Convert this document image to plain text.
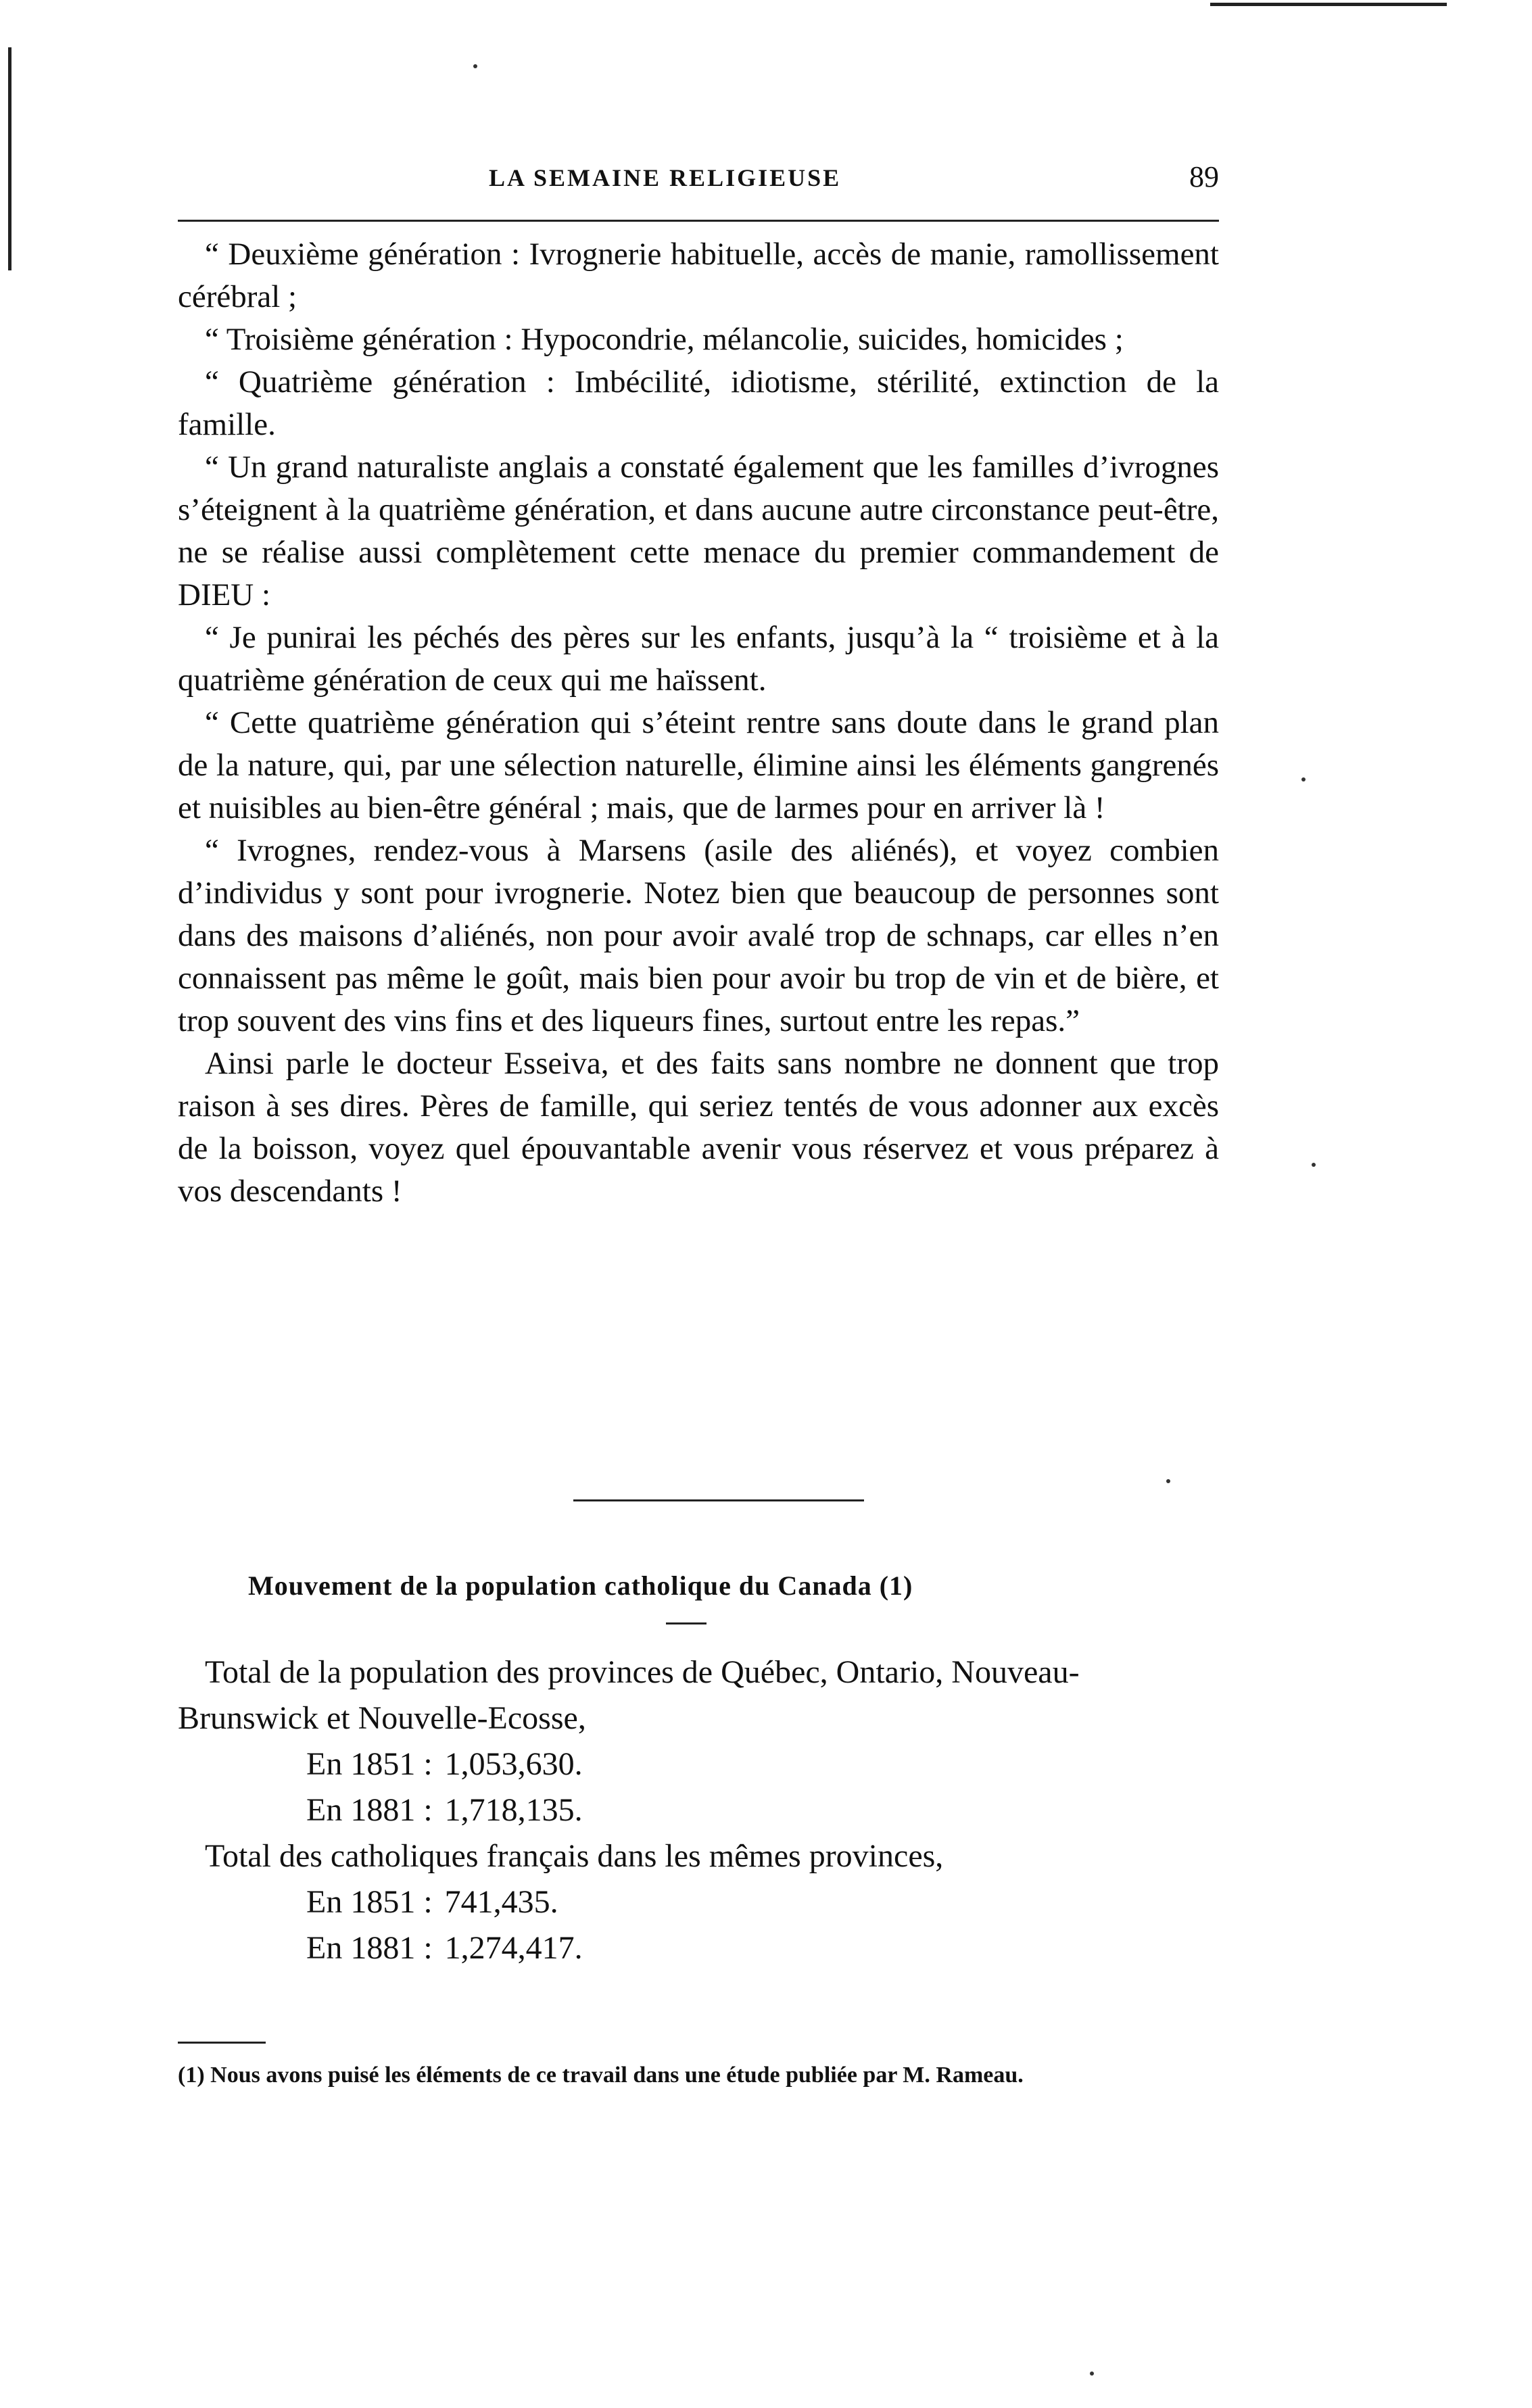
LA SEMAINE RELIGIEUSE	89

“ Deuxième génération : Ivrognerie habituelle, accès de manie, ramollissement cérébral ;

“ Troisième génération : Hypocondrie, mélancolie, suicides, homicides ;

“ Quatrième génération : Imbécilité, idiotisme, stérilité, extinction de la famille.

“ Un grand naturaliste anglais a constaté également que les familles d’ivrognes s’éteignent à la quatrième génération, et dans aucune autre circonstance peut-être, ne se réalise aussi complètement cette menace du premier commandement de DIEU :

“ Je punirai les péchés des pères sur les enfants, jusqu’à la “ troisième et à la quatrième génération de ceux qui me haïssent.

“ Cette quatrième génération qui s’éteint rentre sans doute dans le grand plan de la nature, qui, par une sélection naturelle, élimine ainsi les éléments gangrenés et nuisibles au bien-être général ; mais, que de larmes pour en arriver là !

“ Ivrognes, rendez-vous à Marsens (asile des aliénés), et voyez combien d’individus y sont pour ivrognerie. Notez bien que beaucoup de personnes sont dans des maisons d’aliénés, non pour avoir avalé trop de schnaps, car elles n’en connaissent pas même le goût, mais bien pour avoir bu trop de vin et de bière, et trop souvent des vins fins et des liqueurs fines, surtout entre les repas.”

Ainsi parle le docteur Esseiva, et des faits sans nombre ne donnent que trop raison à ses dires. Pères de famille, qui seriez tentés de vous adonner aux excès de la boisson, voyez quel épouvantable avenir vous réservez et vous préparez à vos descendants !

Mouvement de la population catholique du Canada (1)

Total de la population des provinces de Québec, Ontario, Nouveau-Brunswick et Nouvelle-Ecosse,

En 1851 : 1,053,630.

En 1881 : 1,718,135.

Total des catholiques français dans les mêmes provinces,

En 1851 : 741,435.

En 1881 : 1,274,417.

(1) Nous avons puisé les éléments de ce travail dans une étude publiée par M. Rameau.
